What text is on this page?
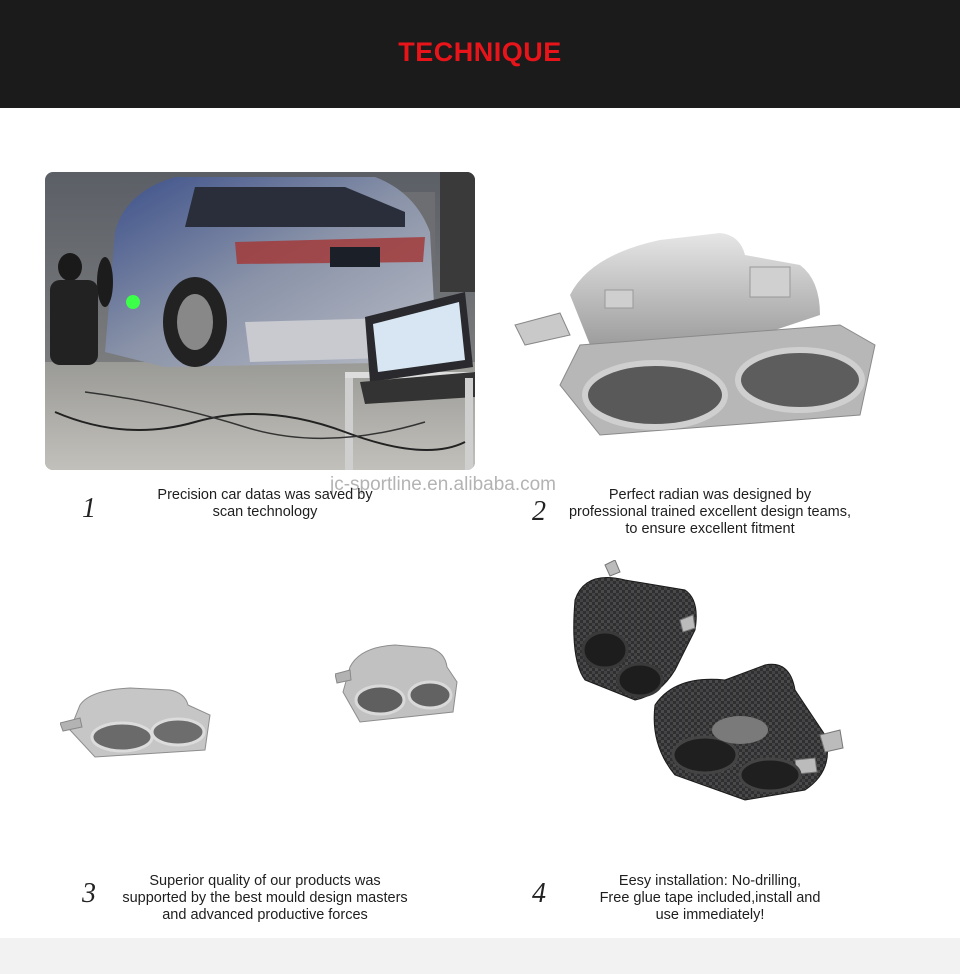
TECHNIQUE
jc-sportline.en.alibaba.com
1	2
3	4
Precision car datas was saved by
scan technology
Perfect radian was designed by
professional trained excellent design teams,
to ensure excellent fitment
Superior quality of our products was
supported by the best mould design masters
and advanced productive forces
Eesy installation: No-drilling,
Free glue tape included,install and
use immediately!
